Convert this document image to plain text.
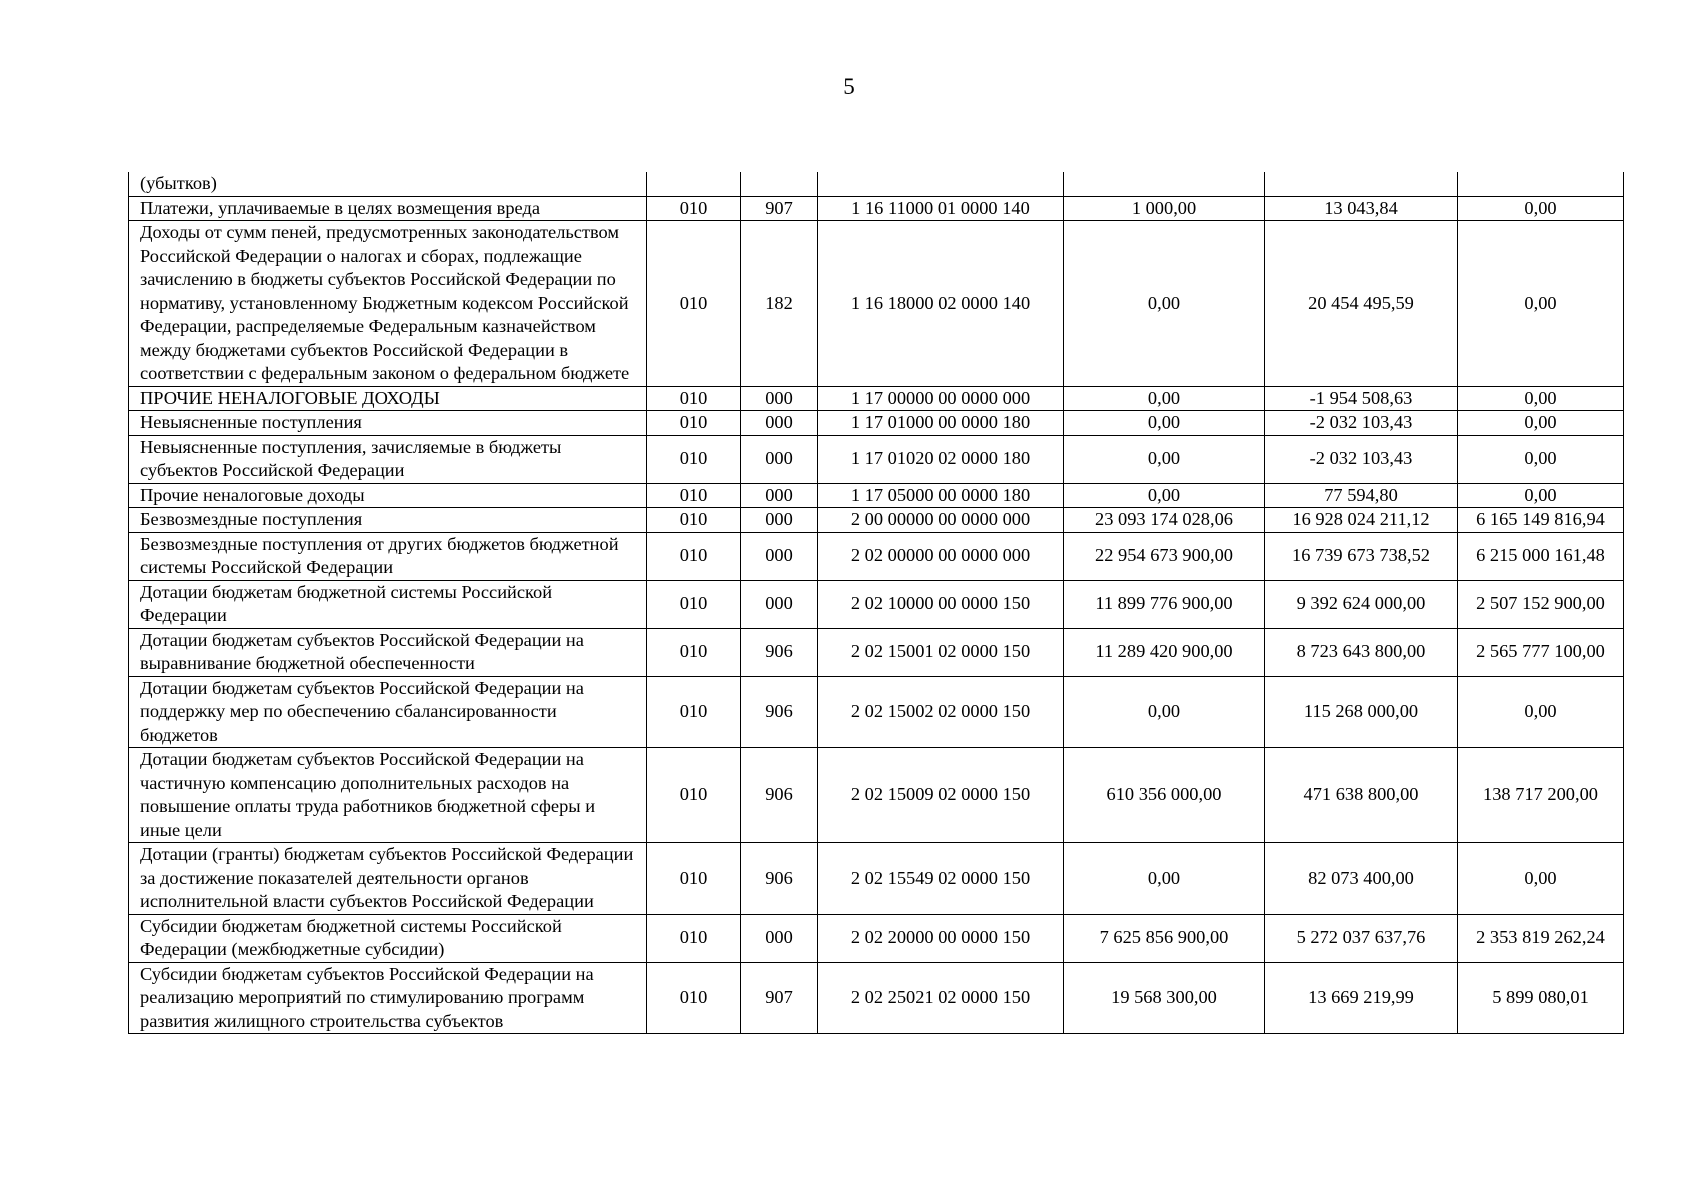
5
(убытков)						
Платежи, уплачиваемые в целях возмещения вреда	010	907	1 16 11000 01 0000 140	1 000,00	13 043,84	0,00
Доходы от сумм пеней, предусмотренных законодательством Российской Федерации о налогах и сборах, подлежащие зачислению в бюджеты субъектов Российской Федерации по нормативу, установленному Бюджетным кодексом Российской Федерации, распределяемые Федеральным казначейством между бюджетами субъектов Российской Федерации в соответствии с федеральным законом о федеральном бюджете	010	182	1 16 18000 02 0000 140	0,00	20 454 495,59	0,00
ПРОЧИЕ НЕНАЛОГОВЫЕ ДОХОДЫ	010	000	1 17 00000 00 0000 000	0,00	-1 954 508,63	0,00
Невыясненные поступления	010	000	1 17 01000 00 0000 180	0,00	-2 032 103,43	0,00
Невыясненные поступления, зачисляемые в бюджеты субъектов Российской Федерации	010	000	1 17 01020 02 0000 180	0,00	-2 032 103,43	0,00
Прочие неналоговые доходы	010	000	1 17 05000 00 0000 180	0,00	77 594,80	0,00
Безвозмездные поступления	010	000	2 00 00000 00 0000 000	23 093 174 028,06	16 928 024 211,12	6 165 149 816,94
Безвозмездные поступления от других бюджетов бюджетной системы Российской Федерации	010	000	2 02 00000 00 0000 000	22 954 673 900,00	16 739 673 738,52	6 215 000 161,48
Дотации бюджетам бюджетной системы Российской Федерации	010	000	2 02 10000 00 0000 150	11 899 776 900,00	9 392 624 000,00	2 507 152 900,00
Дотации бюджетам субъектов Российской Федерации на выравнивание бюджетной обеспеченности	010	906	2 02 15001 02 0000 150	11 289 420 900,00	8 723 643 800,00	2 565 777 100,00
Дотации бюджетам субъектов Российской Федерации на поддержку мер по обеспечению сбалансированности бюджетов	010	906	2 02 15002 02 0000 150	0,00	115 268 000,00	0,00
Дотации бюджетам субъектов Российской Федерации на частичную компенсацию дополнительных расходов на повышение оплаты труда работников бюджетной сферы и иные цели	010	906	2 02 15009 02 0000 150	610 356 000,00	471 638 800,00	138 717 200,00
Дотации (гранты) бюджетам субъектов Российской Федерации за достижение показателей деятельности органов исполнительной власти субъектов Российской Федерации	010	906	2 02 15549 02 0000 150	0,00	82 073 400,00	0,00
Субсидии бюджетам бюджетной системы Российской Федерации (межбюджетные субсидии)	010	000	2 02 20000 00 0000 150	7 625 856 900,00	5 272 037 637,76	2 353 819 262,24
Субсидии бюджетам субъектов Российской Федерации на реализацию мероприятий по стимулированию программ развития жилищного строительства субъектов	010	907	2 02 25021 02 0000 150	19 568 300,00	13 669 219,99	5 899 080,01
